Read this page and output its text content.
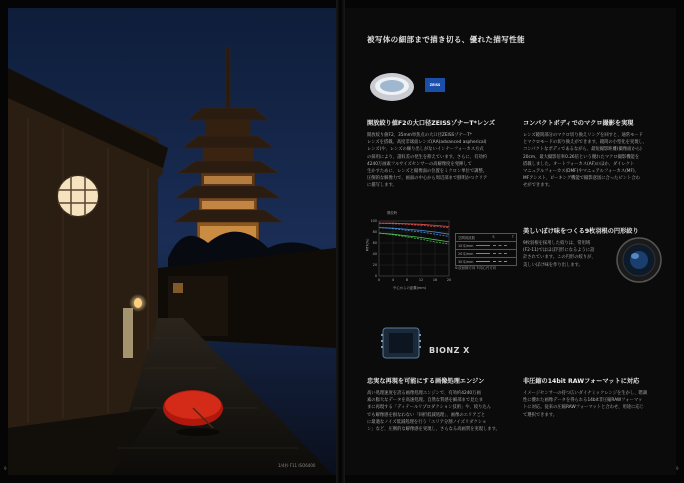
1/4秒 F11 ISO6400
9
被写体の細部まで描き切る、優れた描写性能
ZEISS
開放絞り値F2の大口径ZEISSゾナーT*レンズ
開放絞り値F2、35mm単焦点の大口径ZEISSゾナーT*
レンズを搭載。高度非球面レンズ(AA(advanced aspherical)
レンズ)や、レンズの繰り出しがないインナーフォーカス方式
の採用により、諸収差の発生を抑えています。さらに、有効約
4240万画素フルサイズセンサーの高解像度を発揮して
生かすために、レンズと撮像面の位置をミクロン単位で調整。
圧倒的な解像力で、画面の中心から周辺部まで鮮明かつクリア
に描写します。
開放時
MTF(%)
0
20
40
60
80
100
0	4	8	12	16	20
中心からの距離(mm)
空間周波数	S	T
10本/mm
20本/mm
30本/mm
S:放射線方向 T:同心円方向
BIONZ X
忠実な再現を可能にする画像処理エンジン
高い処理速度を誇る画像処理エンジンで、有効約4240万画
素の膨大なデータを高速処理。自然な質感を細部まで見たま
まに再現する「ディテールリプロダクション技術」や、絞り込ん
でも解像感を損なわない「回折低減処理」、画像のエリアごと
に最適なノイズ低減処理を行う「エリア分割ノイズリダクショ
ン」など、圧倒的な解像感を実現し、さらなる高画質を実現します。
コンパクトボディでのマクロ撮影を実現
レンズ鏡筒部分のマクロ切り換えリングを回すと、通常モード
とマクロモードの切り換えができます。鏡筒の小型化を実現し、
コンパクトなボディであるながら、最短撮影距離(撮像面から)
20cm、最大撮影倍率0.26倍という優れたマクロ撮影機能を
搭載しました。オートフォーカス(AF)のほか、ダイレクト
マニュアルフォーカス(DMF)やマニュアルフォーカス(MF)、
MFアシスト、ピーキング機能で撮影意図に合ったピント合わ
せができます。
美しいぼけ味をつくる9枚羽根の円形絞り
9枚羽根を採用した絞りは、常用域
(F2-11)ではほぼ円形になるように設
計されています。この円形の絞りが、
美しいぼけ味を作り出します。
非圧縮の14bit RAWフォーマットに対応
イメージセンサーの持つ広いダイナミックレンジを生かし、階調
性に優れた画像データを得られる14bit非圧縮RAWフォーマッ
トに対応。従来の圧縮RAWフォーマットと合わせ、用途に応じ
て選択できます。
9
